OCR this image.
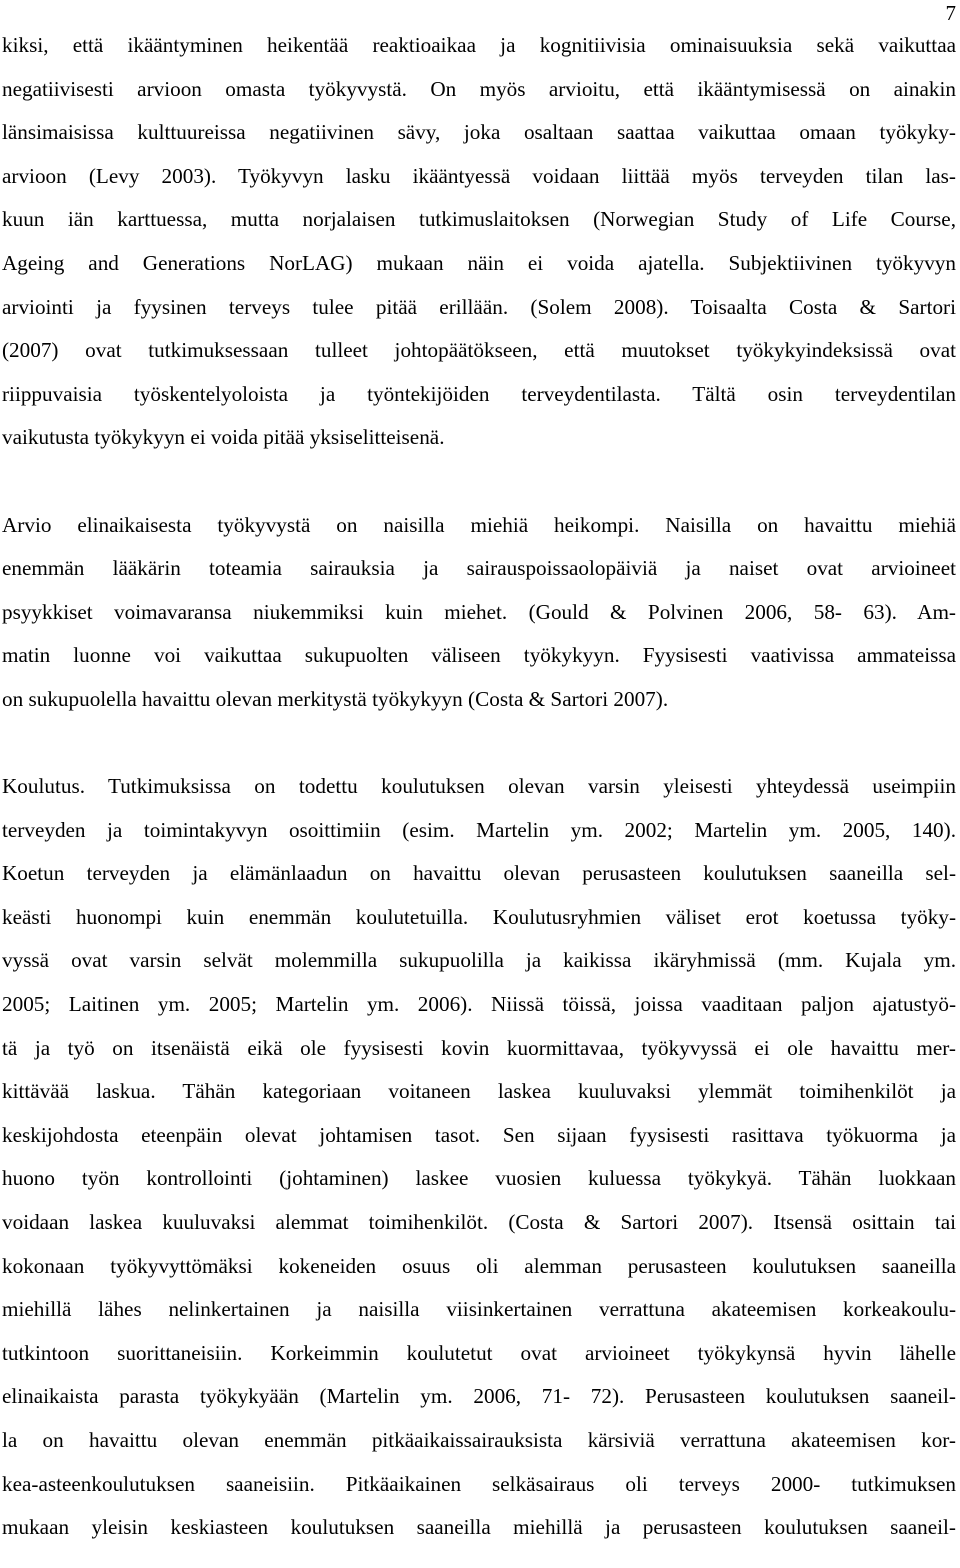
7
kiksi, että ikääntyminen heikentää reaktioaikaa ja kognitiivisia ominaisuuksia sekä vaikuttaa
negatiivisesti arvioon omasta työkyvystä. On myös arvioitu, että ikääntymisessä on ainakin
länsimaisissa kulttuureissa negatiivinen sävy, joka osaltaan saattaa vaikuttaa omaan työkyky-
arvioon (Levy 2003). Työkyvyn lasku ikääntyessä voidaan liittää myös terveyden tilan las-
kuun iän karttuessa, mutta norjalaisen tutkimuslaitoksen (Norwegian Study of Life Course,
Ageing and Generations NorLAG) mukaan näin ei voida ajatella. Subjektiivinen työkyvyn
arviointi ja fyysinen terveys tulee pitää erillään. (Solem 2008). Toisaalta Costa & Sartori
(2007) ovat tutkimuksessaan tulleet johtopäätökseen, että muutokset työkykyindeksissä ovat
riippuvaisia työskentelyoloista ja työntekijöiden terveydentilasta. Tältä osin terveydentilan
vaikutusta työkykyyn ei voida pitää yksiselitteisenä.
Arvio elinaikaisesta työkyvystä on naisilla miehiä heikompi. Naisilla on havaittu miehiä
enemmän lääkärin toteamia sairauksia ja sairauspoissaolopäiviä ja naiset ovat arvioineet
psyykkiset voimavaransa niukemmiksi kuin miehet. (Gould & Polvinen 2006, 58- 63). Am-
matin luonne voi vaikuttaa sukupuolten väliseen työkykyyn. Fyysisesti vaativissa ammateissa
on sukupuolella havaittu olevan merkitystä työkykyyn (Costa & Sartori 2007).
Koulutus. Tutkimuksissa on todettu koulutuksen olevan varsin yleisesti yhteydessä useimpiin
terveyden ja toimintakyvyn osoittimiin (esim. Martelin ym. 2002; Martelin ym. 2005, 140).
Koetun terveyden ja elämänlaadun on havaittu olevan perusasteen koulutuksen saaneilla sel-
keästi huonompi kuin enemmän koulutetuilla. Koulutusryhmien väliset erot koetussa työky-
vyssä ovat varsin selvät molemmilla sukupuolilla ja kaikissa ikäryhmissä (mm. Kujala ym.
2005; Laitinen ym. 2005; Martelin ym. 2006). Niissä töissä, joissa vaaditaan paljon ajatustyö-
tä ja työ on itsenäistä eikä ole fyysisesti kovin kuormittavaa, työkyvyssä ei ole havaittu mer-
kittävää laskua. Tähän kategoriaan voitaneen laskea kuuluvaksi ylemmät toimihenkilöt ja
keskijohdosta eteenpäin olevat johtamisen tasot. Sen sijaan fyysisesti rasittava työkuorma ja
huono työn kontrollointi (johtaminen) laskee vuosien kuluessa työkykyä. Tähän luokkaan
voidaan laskea kuuluvaksi alemmat toimihenkilöt. (Costa & Sartori 2007). Itsensä osittain tai
kokonaan työkyvyttömäksi kokeneiden osuus oli alemman perusasteen koulutuksen saaneilla
miehillä lähes nelinkertainen ja naisilla viisinkertainen verrattuna akateemisen korkeakoulu-
tutkintoon suorittaneisiin. Korkeimmin koulutetut ovat arvioineet työkykynsä hyvin lähelle
elinaikaista parasta työkykyään (Martelin ym. 2006, 71- 72). Perusasteen koulutuksen saaneil-
la on havaittu olevan enemmän pitkäaikaissairauksista kärsiviä verrattuna akateemisen kor-
kea-asteenkoulutuksen saaneisiin. Pitkäaikainen selkäsairaus oli terveys 2000- tutkimuksen
mukaan yleisin keskiasteen koulutuksen saaneilla miehillä ja perusasteen koulutuksen saaneil-
